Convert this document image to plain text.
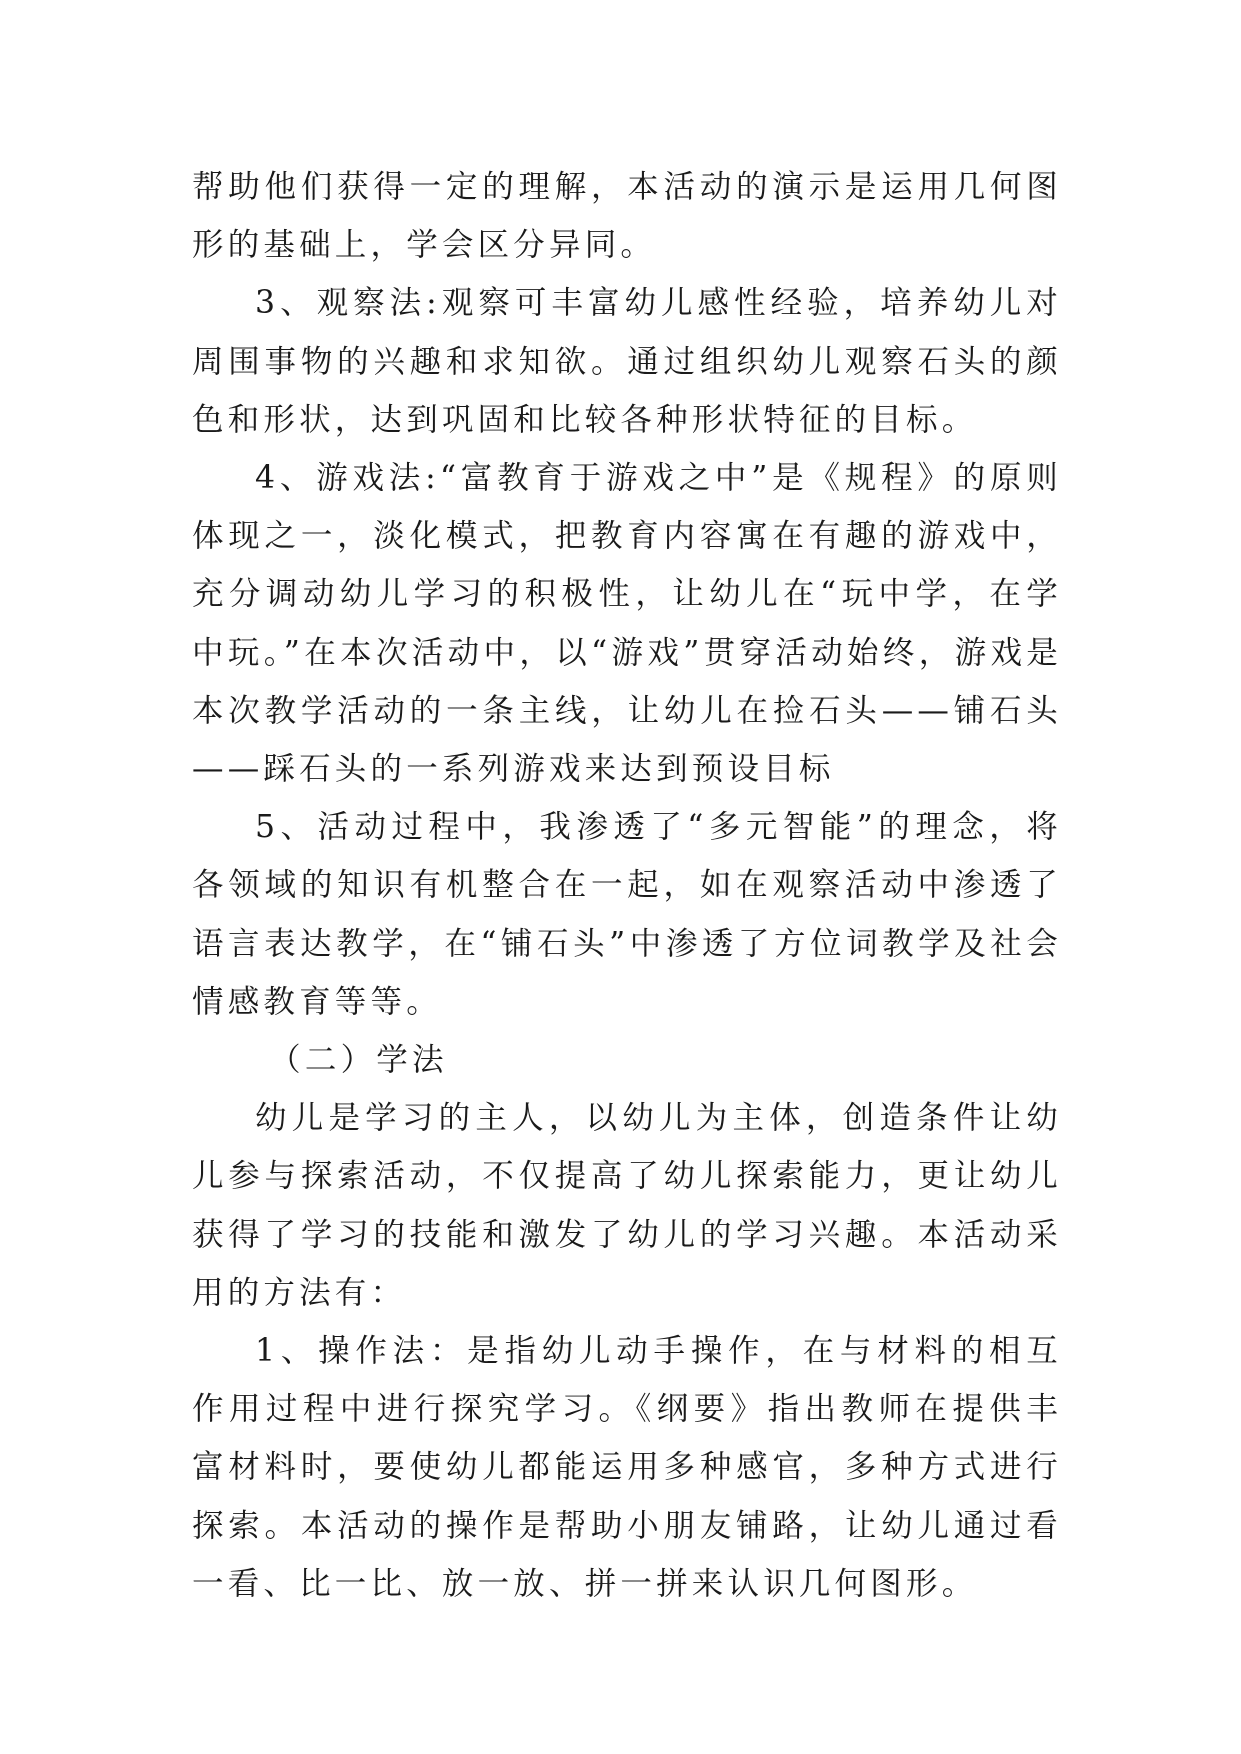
帮助他们获得一定的理解，本活动的演示是运用几何图形的基础上，学会区分异同。

3、观察法:观察可丰富幼儿感性经验，培养幼儿对周围事物的兴趣和求知欲。通过组织幼儿观察石头的颜色和形状，达到巩固和比较各种形状特征的目标。

4、游戏法:“富教育于游戏之中”是《规程》的原则体现之一，淡化模式，把教育内容寓在有趣的游戏中，充分调动幼儿学习的积极性，让幼儿在“玩中学，在学中玩。”在本次活动中，以“游戏”贯穿活动始终，游戏是本次教学活动的一条主线，让幼儿在捡石头——铺石头——踩石头的一系列游戏来达到预设目标

5、活动过程中，我渗透了“多元智能”的理念，将各领域的知识有机整合在一起，如在观察活动中渗透了语言表达教学，在“铺石头”中渗透了方位词教学及社会情感教育等等。

（二）学法

幼儿是学习的主人，以幼儿为主体，创造条件让幼儿参与探索活动，不仅提高了幼儿探索能力，更让幼儿获得了学习的技能和激发了幼儿的学习兴趣。本活动采用的方法有：

1、操作法：是指幼儿动手操作，在与材料的相互作用过程中进行探究学习。《纲要》指出教师在提供丰富材料时，要使幼儿都能运用多种感官，多种方式进行探索。本活动的操作是帮助小朋友铺路，让幼儿通过看一看、比一比、放一放、拼一拼来认识几何图形。
